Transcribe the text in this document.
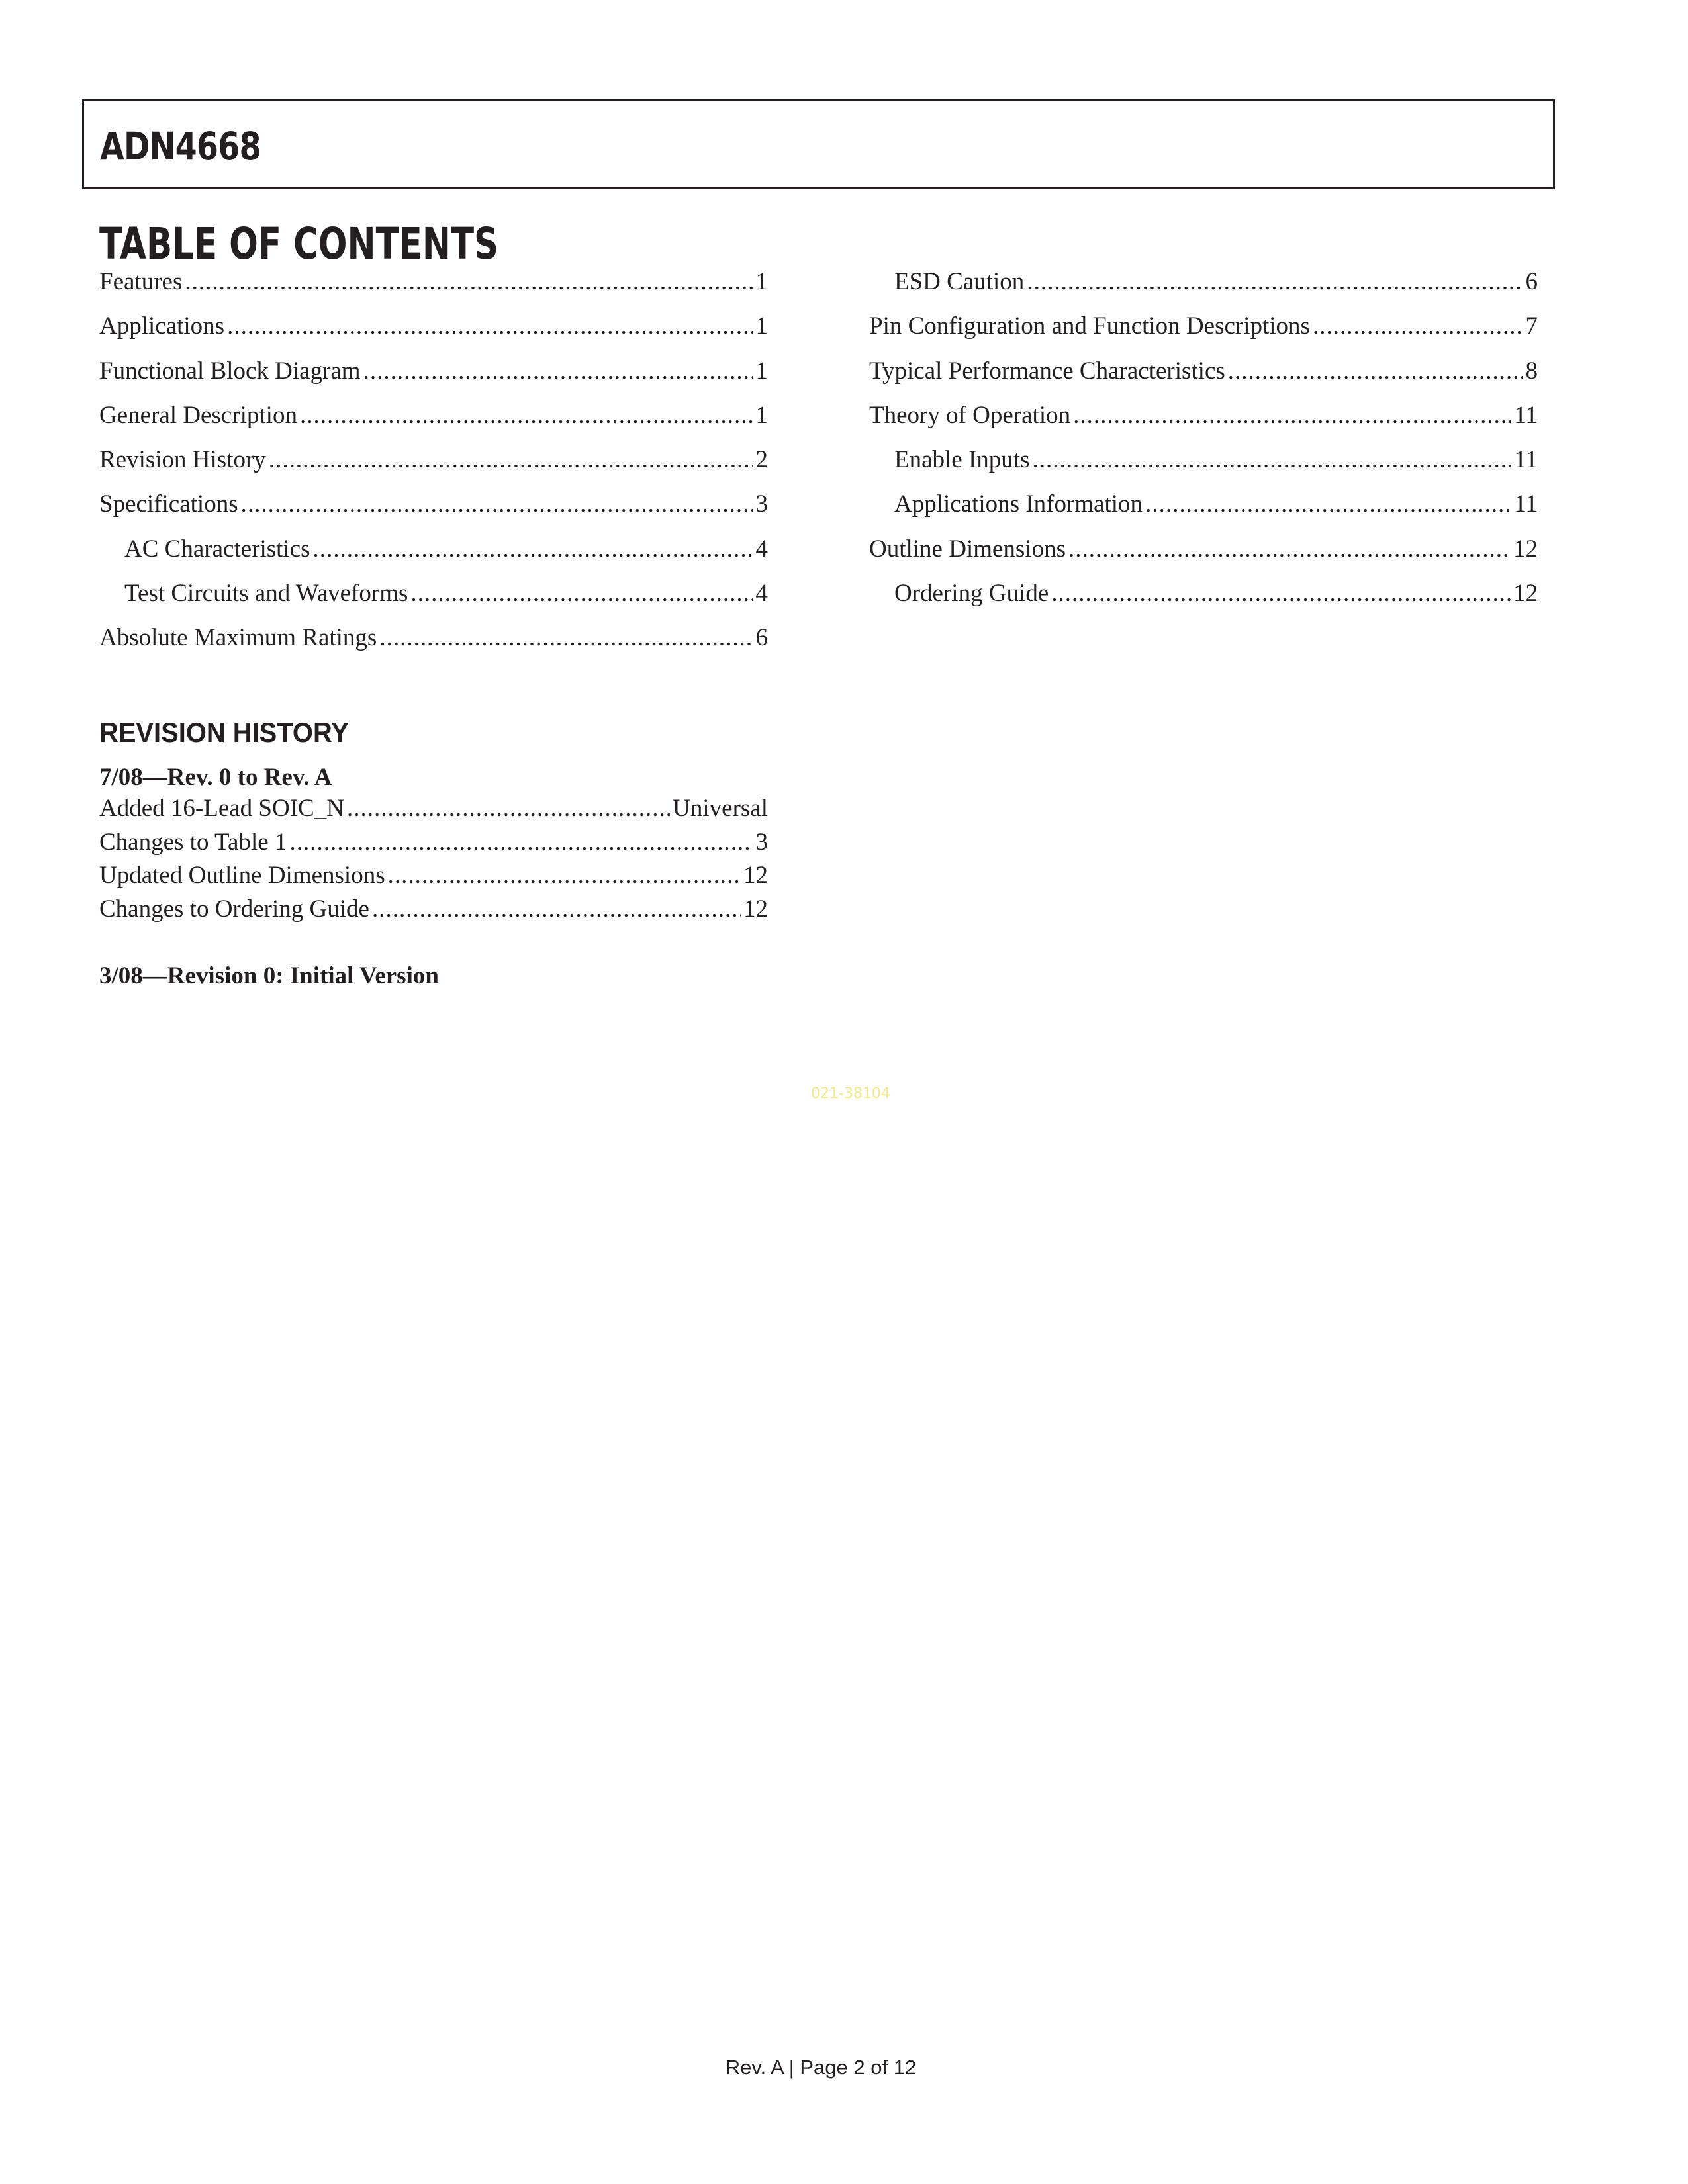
ADN4668
TABLE OF CONTENTS
Features .....	1
Applications .....	1
Functional Block Diagram .....	1
General Description .....	1
Revision History .....	2
Specifications .....	3
AC Characteristics .....	4
Test Circuits and Waveforms .....	4
Absolute Maximum Ratings .....	6
ESD Caution .....	6
Pin Configuration and Function Descriptions .....	7
Typical Performance Characteristics .....	8
Theory of Operation .....	11
Enable Inputs .....	11
Applications Information .....	11
Outline Dimensions .....	12
Ordering Guide .....	12
REVISION HISTORY
7/08—Rev. 0 to Rev. A
Added 16-Lead SOIC_N .....	Universal
Changes to Table 1 .....	3
Updated Outline Dimensions .....	12
Changes to Ordering Guide .....	12
3/08—Revision 0: Initial Version
021-38104
Rev. A | Page 2 of 12
